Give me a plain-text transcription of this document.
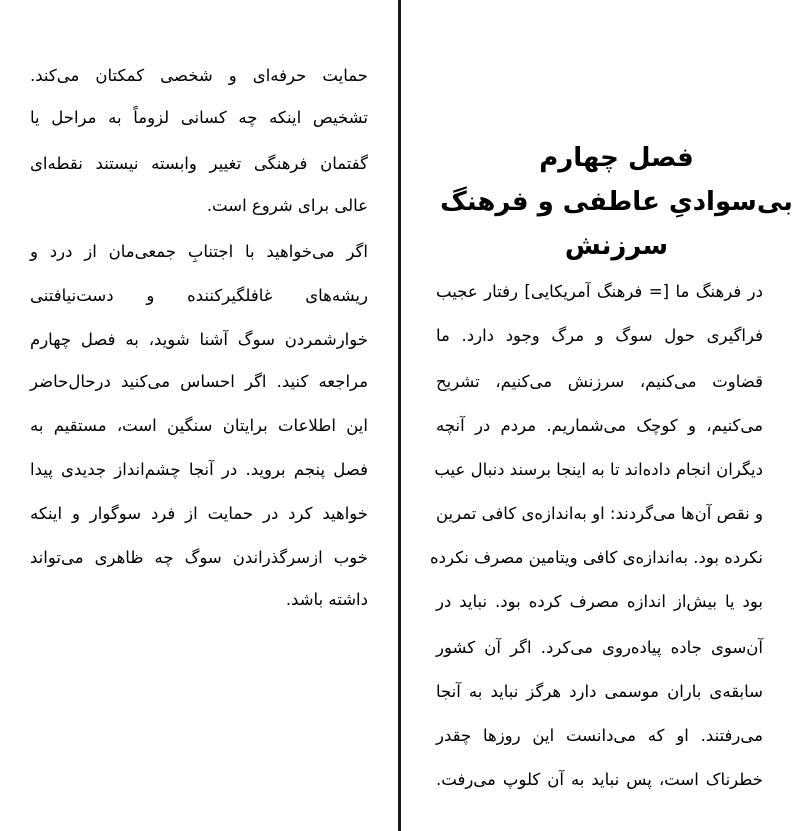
حمایت حرفه‌ای و شخصی کمکتان می‌کند.
تشخیص اینکه چه کسانی لزوماً به مراحل یا
گفتمان فرهنگی تغییر وابسته نیستند نقطه‌ای
عالی برای شروع است.
اگر می‌خواهید با اجتنابِ جمعی‌مان از درد و
ریشه‌های غافلگیرکننده و دست‌نیافتنی
خوارشمردن سوگ آشنا شوید، به فصل چهارم
مراجعه کنید. اگر احساس می‌کنید درحال‌حاضر
این اطلاعات برایتان سنگین است، مستقیم به
فصل پنجم بروید. در آنجا چشم‌انداز جدیدی پیدا
خواهید کرد در حمایت از فرد سوگوار و اینکه
خوب ازسرگذراندن سوگ چه ظاهری می‌تواند
داشته باشد.
فصل چهارم
بی‌سوادیِ عاطفی و فرهنگ
سرزنش
در فرهنگ ما [= فرهنگ آمریکایی] رفتار عجیب
فراگیری حول سوگ و مرگ وجود دارد. ما
قضاوت می‌کنیم، سرزنش می‌کنیم، تشریح
می‌کنیم، و کوچک می‌شماریم. مردم در آنچه
دیگران انجام داده‌اند تا به اینجا برسند دنبال عیب
و نقص آن‌ها می‌گردند: او به‌اندازه‌ی کافی تمرین
نکرده بود. به‌اندازه‌ی کافی ویتامین مصرف نکرده
بود یا بیش‌از اندازه مصرف کرده بود. نباید در
آن‌سوی جاده پیاده‌روی می‌کرد. اگر آن کشور
سابقه‌ی باران موسمی دارد هرگز نباید به آنجا
می‌رفتند. او که می‌دانست این روزها چقدر
خطرناک است، پس نباید به آن کلوپ می‌رفت.
